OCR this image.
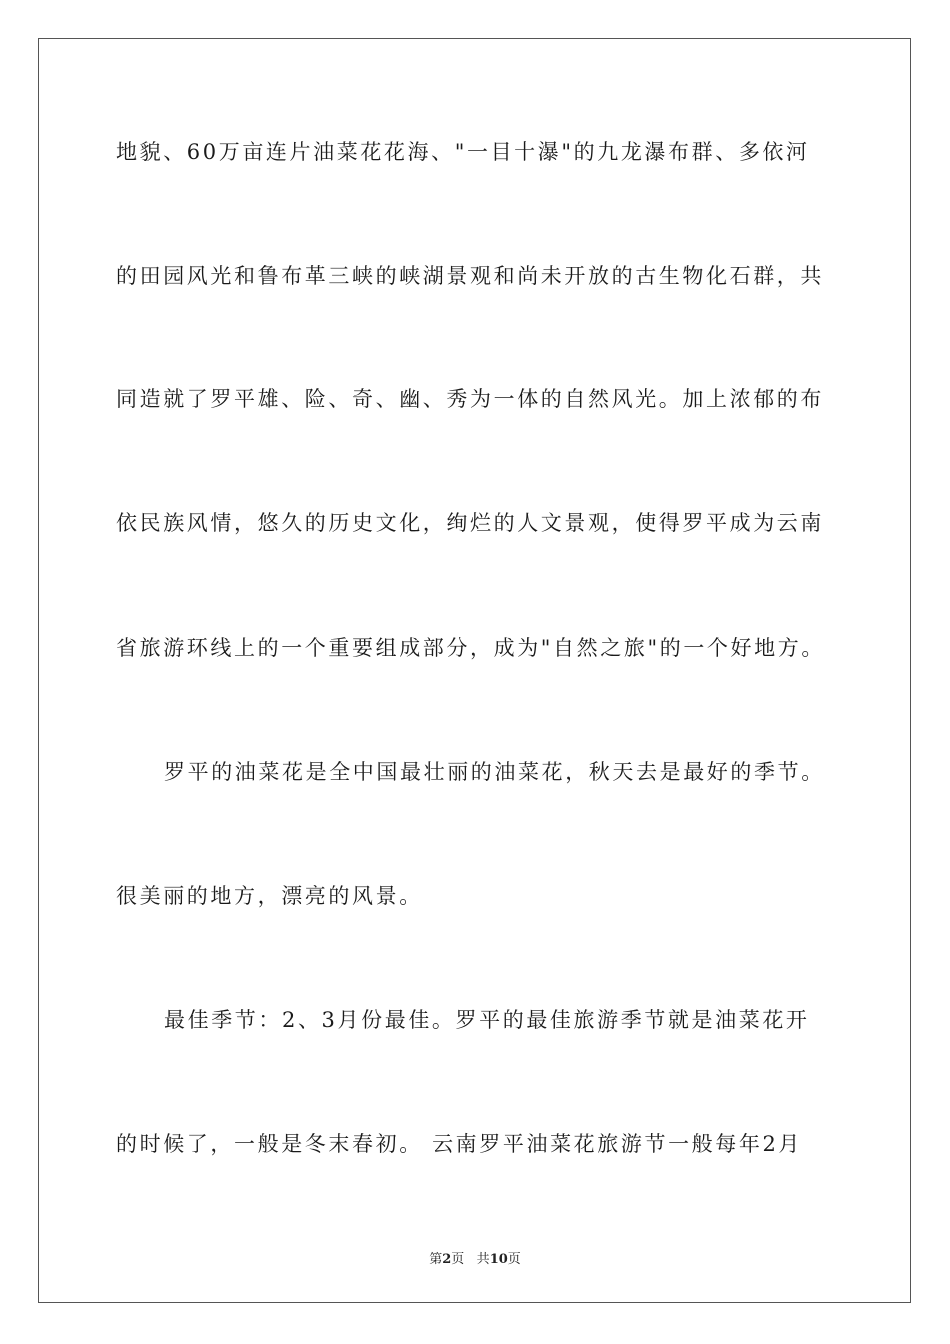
地貌、60万亩连片油菜花花海、"一目十瀑"的九龙瀑布群、多依河
的田园风光和鲁布革三峡的峡湖景观和尚未开放的古生物化石群，共
同造就了罗平雄、险、奇、幽、秀为一体的自然风光。加上浓郁的布
依民族风情，悠久的历史文化，绚烂的人文景观，使得罗平成为云南
省旅游环线上的一个重要组成部分，成为"自然之旅"的一个好地方。
罗平的油菜花是全中国最壮丽的油菜花，秋天去是最好的季节。
很美丽的地方，漂亮的风景。
最佳季节：2、3月份最佳。罗平的最佳旅游季节就是油菜花开
的时候了，一般是冬末春初。 云南罗平油菜花旅游节一般每年2月
第2页 共10页
